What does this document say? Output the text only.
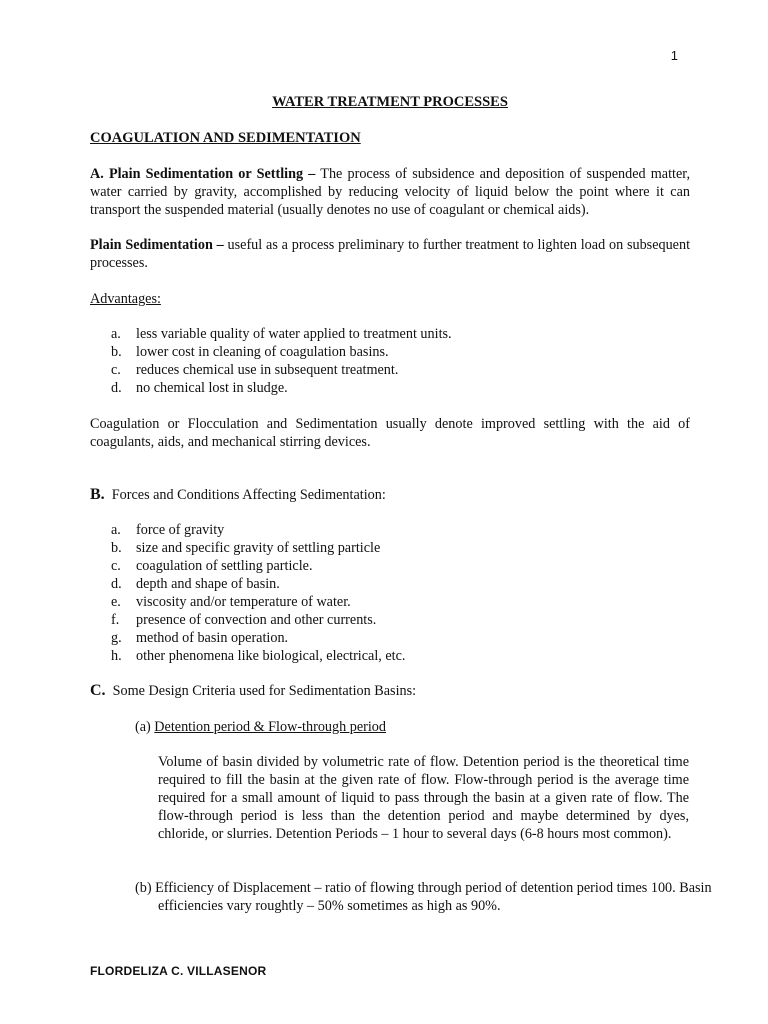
1
WATER TREATMENT PROCESSES
COAGULATION AND SEDIMENTATION
A. Plain Sedimentation or Settling – The process of subsidence and deposition of suspended matter, water carried by gravity, accomplished by reducing velocity of liquid below the point where it can transport the suspended material (usually denotes no use of coagulant or chemical aids).
Plain Sedimentation – useful as a process preliminary to further treatment to lighten load on subsequent processes.
Advantages:
a. less variable quality of water applied to treatment units.
b. lower cost in cleaning of coagulation basins.
c. reduces chemical use in subsequent treatment.
d. no chemical lost in sludge.
Coagulation or Flocculation and Sedimentation usually denote improved settling with the aid of coagulants, aids, and mechanical stirring devices.
B. Forces and Conditions Affecting Sedimentation:
a. force of gravity
b. size and specific gravity of settling particle
c. coagulation of settling particle.
d. depth and shape of basin.
e. viscosity and/or temperature of water.
f. presence of convection and other currents.
g. method of basin operation.
h. other phenomena like biological, electrical, etc.
C. Some Design Criteria used for Sedimentation Basins:
(a) Detention period & Flow-through period
Volume of basin divided by volumetric rate of flow. Detention period is the theoretical time required to fill the basin at the given rate of flow. Flow-through period is the average time required for a small amount of liquid to pass through the basin at a given rate of flow. The flow-through period is less than the detention period and maybe determined by dyes, chloride, or slurries. Detention Periods – 1 hour to several days (6-8 hours most common).
(b) Efficiency of Displacement – ratio of flowing through period of detention period times 100. Basin efficiencies vary roughtly – 50% sometimes as high as 90%.
FLORDELIZA C. VILLASENOR
